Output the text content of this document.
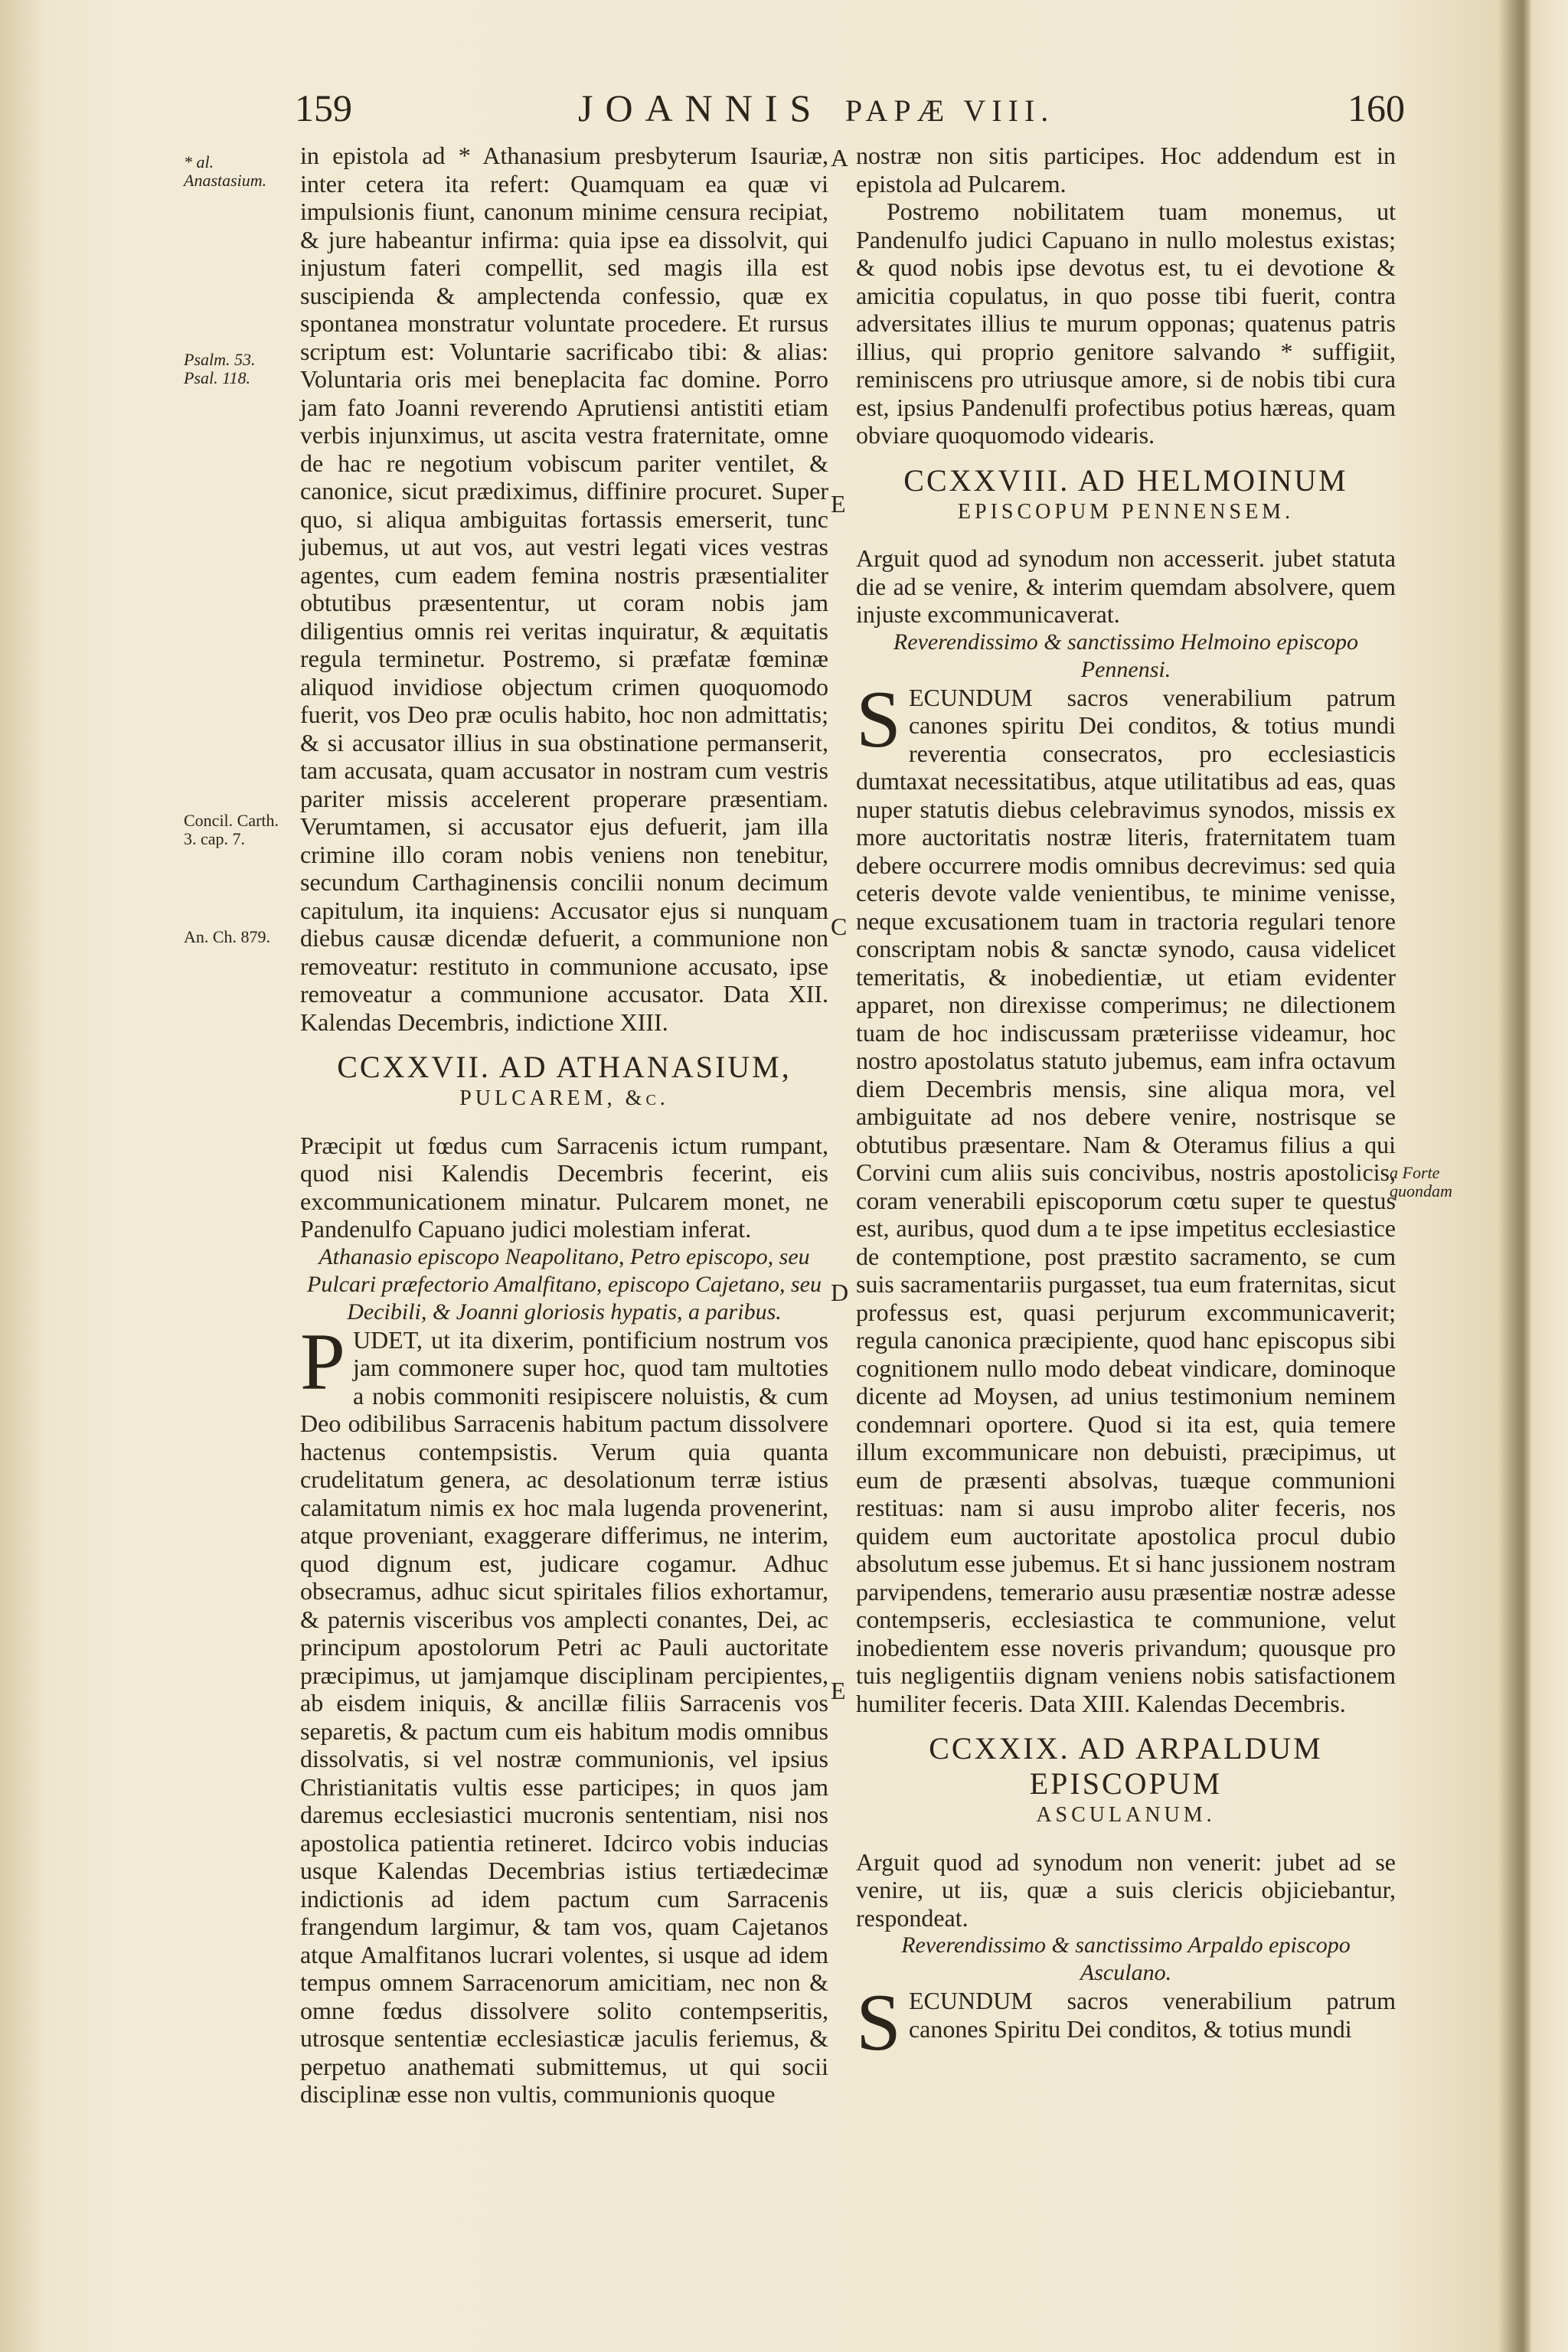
159	JOANNIS PAPÆ VIII.	160
* al. Anastasium.
Psalm. 53. Psal. 118.
Concil. Carth. 3. cap. 7.
An. Ch. 879.
a Forte quondam
A
E
C
D
E

in epistola ad * Athanasium presbyterum Isauriæ, inter cetera ita refert: Quamquam ea quæ vi impulsionis fiunt, canonum minime censura recipiat, & jure habeantur infirma: quia ipse ea dissolvit, qui injustum fateri compellit, sed magis illa est suscipienda & amplectenda confessio, quæ ex spontanea monstratur voluntate procedere. Et rursus scriptum est: Voluntarie sacrificabo tibi: & alias: Voluntaria oris mei beneplacita fac domine. Porro jam fato Joanni reverendo Aprutiensi antistiti etiam verbis injunximus, ut ascita vestra fraternitate, omne de hac re negotium vobiscum pariter ventilet, & canonice, sicut prædiximus, diffinire procuret. Super quo, si aliqua ambiguitas fortassis emerserit, tunc jubemus, ut aut vos, aut vestri legati vices vestras agentes, cum eadem femina nostris præsentialiter obtutibus præsententur, ut coram nobis jam diligentius omnis rei veritas inquiratur, & æquitatis regula terminetur. Postremo, si præfatæ fœminæ aliquod invidiose objectum crimen quoquomodo fuerit, vos Deo præ oculis habito, hoc non admittatis; & si accusator illius in sua obstinatione permanserit, tam accusata, quam accusator in nostram cum vestris pariter missis accelerent properare præsentiam. Verumtamen, si accusator ejus defuerit, jam illa crimine illo coram nobis veniens non tenebitur, secundum Carthaginensis concilii nonum decimum capitulum, ita inquiens: Accusator ejus si nunquam diebus causæ dicendæ defuerit, a communione non removeatur: restituto in communione accusato, ipse removeatur a communione accusator. Data XII. Kalendas Decembris, indictione XIII.

CCXXVII. AD ATHANASIUM,
PULCAREM, &c.

Præcipit ut fœdus cum Sarracenis ictum rumpant, quod nisi Kalendis Decembris fecerint, eis excommunicationem minatur. Pulcarem monet, ne Pandenulfo Capuano judici molestiam inferat.

Athanasio episcopo Neapolitano, Petro episcopo, seu Pulcari præfectorio Amalfitano, episcopo Cajetano, seu Decibili, & Joanni gloriosis hypatis, a paribus.

P UDET, ut ita dixerim, pontificium nostrum vos jam commonere super hoc, quod tam multoties a nobis commoniti resipiscere noluistis, & cum Deo odibilibus Sarracenis habitum pactum dissolvere hactenus contempsistis. Verum quia quanta crudelitatum genera, ac desolationum terræ istius calamitatum nimis ex hoc mala lugenda provenerint, atque proveniant, exaggerare differimus, ne interim, quod dignum est, judicare cogamur. Adhuc obsecramus, adhuc sicut spiritales filios exhortamur, & paternis visceribus vos amplecti conantes, Dei, ac principum apostolorum Petri ac Pauli auctoritate præcipimus, ut jamjamque disciplinam percipientes, ab eisdem iniquis, & ancillæ filiis Sarracenis vos separetis, & pactum cum eis habitum modis omnibus dissolvatis, si vel nostræ communionis, vel ipsius Christianitatis vultis esse participes; in quos jam daremus ecclesiastici mucronis sententiam, nisi nos apostolica patientia retineret. Idcirco vobis inducias usque Kalendas Decembrias istius tertiædecimæ indictionis ad idem pactum cum Sarracenis frangendum largimur, & tam vos, quam Cajetanos atque Amalfitanos lucrari volentes, si usque ad idem tempus omnem Sarracenorum amicitiam, nec non & omne fœdus dissolvere solito contempseritis, utrosque sententiæ ecclesiasticæ jaculis feriemus, & perpetuo anathemati submittemus, ut qui socii disciplinæ esse non vultis, communionis quoque

nostræ non sitis participes. Hoc addendum est in epistola ad Pulcarem.

Postremo nobilitatem tuam monemus, ut Pandenulfo judici Capuano in nullo molestus existas; & quod nobis ipse devotus est, tu ei devotione & amicitia copulatus, in quo posse tibi fuerit, contra adversitates illius te murum opponas; quatenus patris illius, qui proprio genitore salvando * suffigiit, reminiscens pro utriusque amore, si de nobis tibi cura est, ipsius Pandenulfi profectibus potius hæreas, quam obviare quoquomodo videaris.

CCXXVIII. AD HELMOINUM
EPISCOPUM PENNENSEM.

Arguit quod ad synodum non accesserit. jubet statuta die ad se venire, & interim quemdam absolvere, quem injuste excommunicaverat.

Reverendissimo & sanctissimo Helmoino episcopo Pennensi.

S ECUNDUM sacros venerabilium patrum canones spiritu Dei conditos, & totius mundi reverentia consecratos, pro ecclesiasticis dumtaxat necessitatibus, atque utilitatibus ad eas, quas nuper statutis diebus celebravimus synodos, missis ex more auctoritatis nostræ literis, fraternitatem tuam debere occurrere modis omnibus decrevimus: sed quia ceteris devote valde venientibus, te minime venisse, neque excusationem tuam in tractoria regulari tenore conscriptam nobis & sanctæ synodo, causa videlicet temeritatis, & inobedientiæ, ut etiam evidenter apparet, non direxisse comperimus; ne dilectionem tuam de hoc indiscussam præteriisse videamur, hoc nostro apostolatus statuto jubemus, eam infra octavum diem Decembris mensis, sine aliqua mora, vel ambiguitate ad nos debere venire, nostrisque se obtutibus præsentare. Nam & Oteramus filius a qui Corvini cum aliis suis concivibus, nostris apostolicis, coram venerabili episcoporum cœtu super te questus est, auribus, quod dum a te ipse impetitus ecclesiastice de contemptione, post præstito sacramento, se cum suis sacramentariis purgasset, tua eum fraternitas, sicut professus est, quasi perjurum excommunicaverit; regula canonica præcipiente, quod hanc episcopus sibi cognitionem nullo modo debeat vindicare, dominoque dicente ad Moysen, ad unius testimonium neminem condemnari oportere. Quod si ita est, quia temere illum excommunicare non debuisti, præcipimus, ut eum de præsenti absolvas, tuæque communioni restituas: nam si ausu improbo aliter feceris, nos quidem eum auctoritate apostolica procul dubio absolutum esse jubemus. Et si hanc jussionem nostram parvipendens, temerario ausu præsentiæ nostræ adesse contempseris, ecclesiastica te communione, velut inobedientem esse noveris privandum; quousque pro tuis negligentiis dignam veniens nobis satisfactionem humiliter feceris. Data XIII. Kalendas Decembris.

CCXXIX. AD ARPALDUM EPISCOPUM
ASCULANUM.

Arguit quod ad synodum non venerit: jubet ad se venire, ut iis, quæ a suis clericis objiciebantur, respondeat.

Reverendissimo & sanctissimo Arpaldo episcopo Asculano.

S ECUNDUM sacros venerabilium patrum canones Spiritu Dei conditos, & totius mundi
